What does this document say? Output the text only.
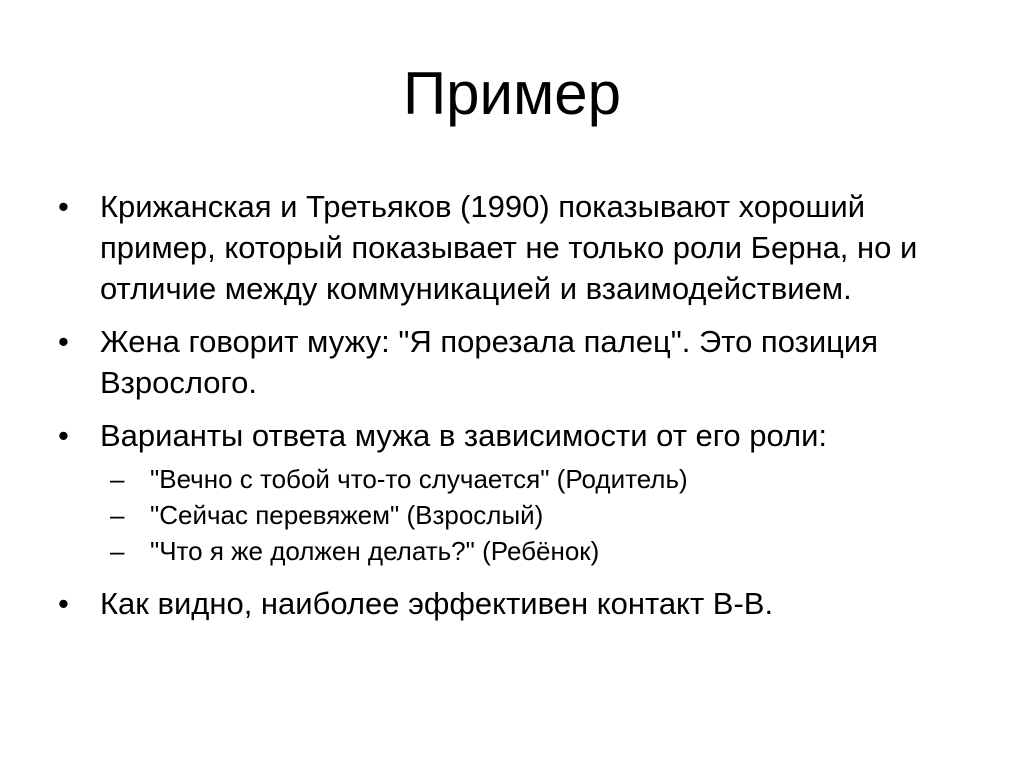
Пример
•	Крижанская и Третьяков (1990) показывают хороший пример, который показывает не только роли Берна, но и отличие между коммуникацией и взаимодействием.
•	Жена говорит мужу: "Я порезала палец". Это позиция Взрослого.
•	Варианты ответа мужа в зависимости от его роли:
– "Вечно с тобой что-то случается" (Родитель)
– "Сейчас перевяжем" (Взрослый)
– "Что я же должен делать?" (Ребёнок)
•	Как видно, наиболее эффективен контакт В-В.
